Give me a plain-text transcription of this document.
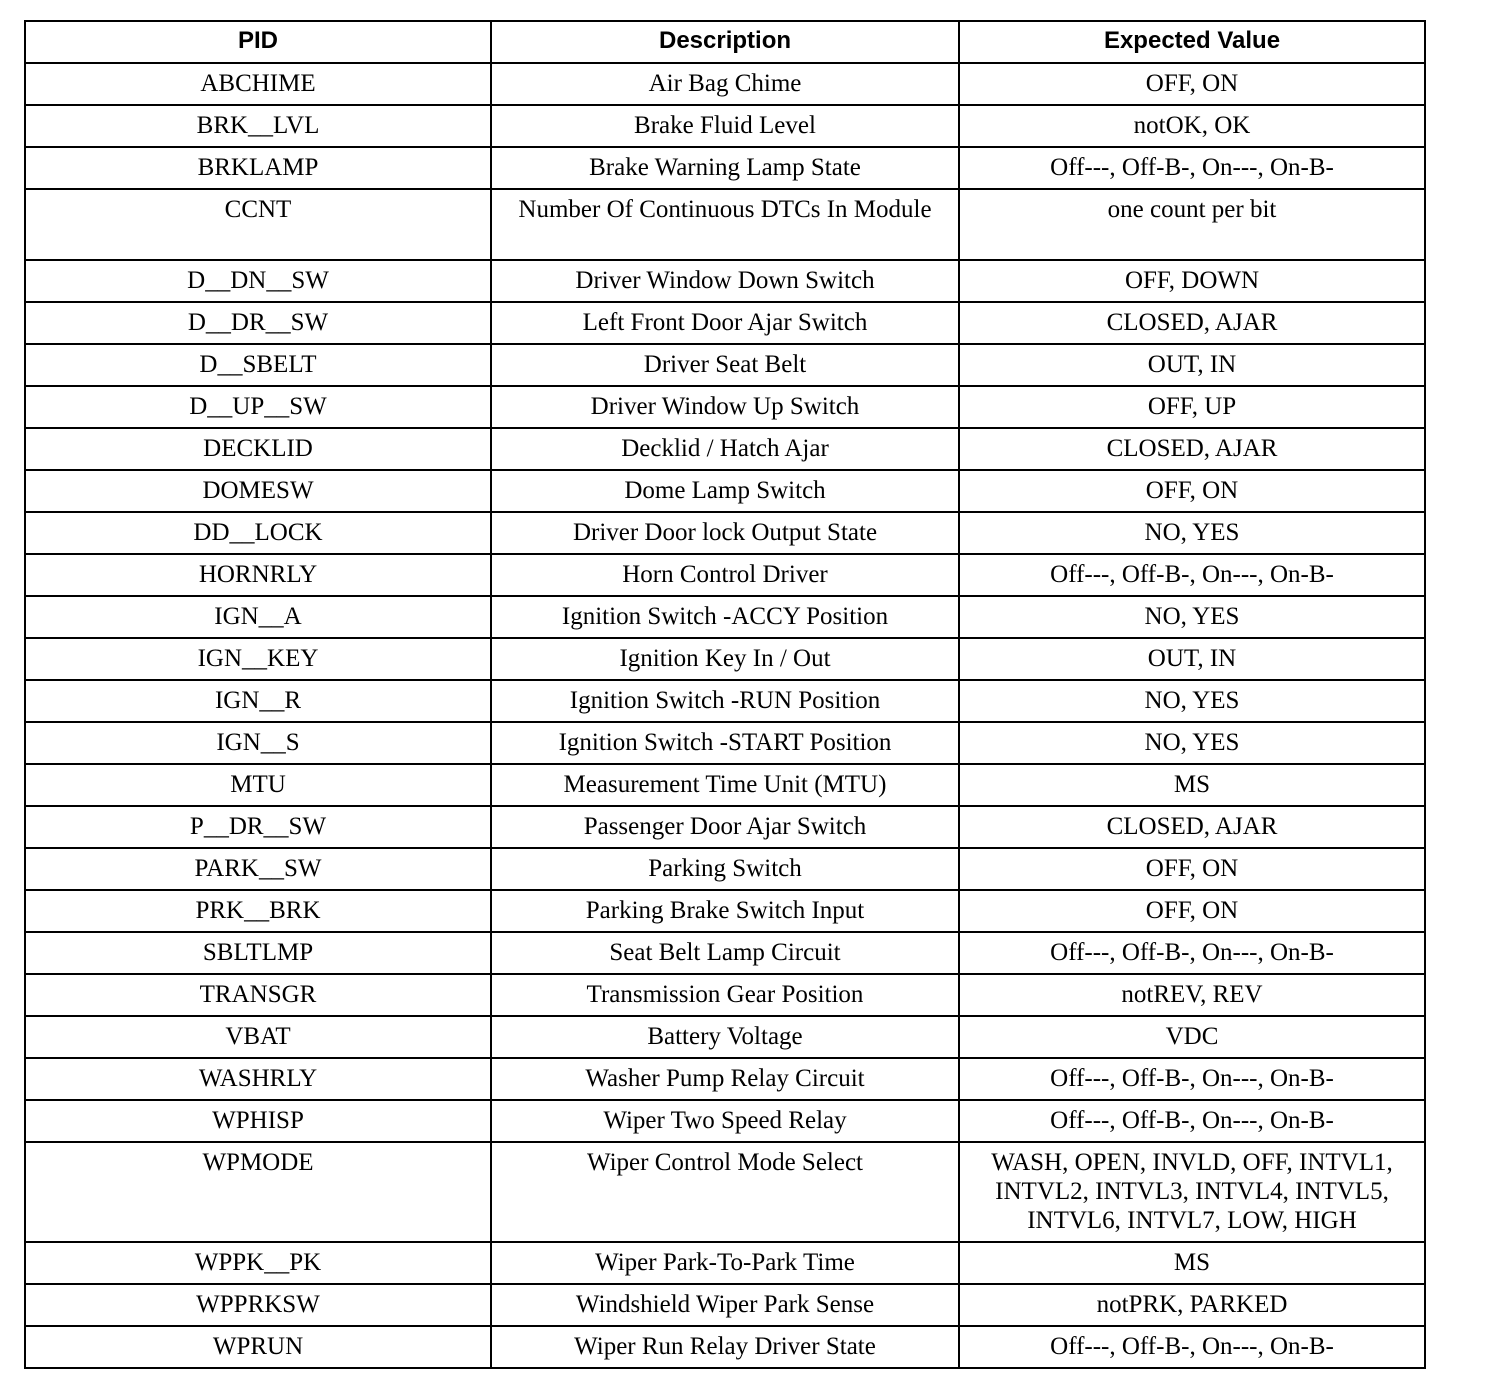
PID	Description	Expected Value
ABCHIME	Air Bag Chime	OFF, ON
BRK__LVL	Brake Fluid Level	notOK, OK
BRKLAMP	Brake Warning Lamp State	Off---, Off-B-, On---, On-B-
CCNT	Number Of Continuous DTCs In Module	one count per bit
D__DN__SW	Driver Window Down Switch	OFF, DOWN
D__DR__SW	Left Front Door Ajar Switch	CLOSED, AJAR
D__SBELT	Driver Seat Belt	OUT, IN
D__UP__SW	Driver Window Up Switch	OFF, UP
DECKLID	Decklid / Hatch Ajar	CLOSED, AJAR
DOMESW	Dome Lamp Switch	OFF, ON
DD__LOCK	Driver Door lock Output State	NO, YES
HORNRLY	Horn Control Driver	Off---, Off-B-, On---, On-B-
IGN__A	Ignition Switch -ACCY Position	NO, YES
IGN__KEY	Ignition Key In / Out	OUT, IN
IGN__R	Ignition Switch -RUN Position	NO, YES
IGN__S	Ignition Switch -START Position	NO, YES
MTU	Measurement Time Unit (MTU)	MS
P__DR__SW	Passenger Door Ajar Switch	CLOSED, AJAR
PARK__SW	Parking Switch	OFF, ON
PRK__BRK	Parking Brake Switch Input	OFF, ON
SBLTLMP	Seat Belt Lamp Circuit	Off---, Off-B-, On---, On-B-
TRANSGR	Transmission Gear Position	notREV, REV
VBAT	Battery Voltage	VDC
WASHRLY	Washer Pump Relay Circuit	Off---, Off-B-, On---, On-B-
WPHISP	Wiper Two Speed Relay	Off---, Off-B-, On---, On-B-
WPMODE	Wiper Control Mode Select	WASH, OPEN, INVLD, OFF, INTVL1, INTVL2, INTVL3, INTVL4, INTVL5, INTVL6, INTVL7, LOW, HIGH
WPPK__PK	Wiper Park-To-Park Time	MS
WPPRKSW	Windshield Wiper Park Sense	notPRK, PARKED
WPRUN	Wiper Run Relay Driver State	Off---, Off-B-, On---, On-B-
